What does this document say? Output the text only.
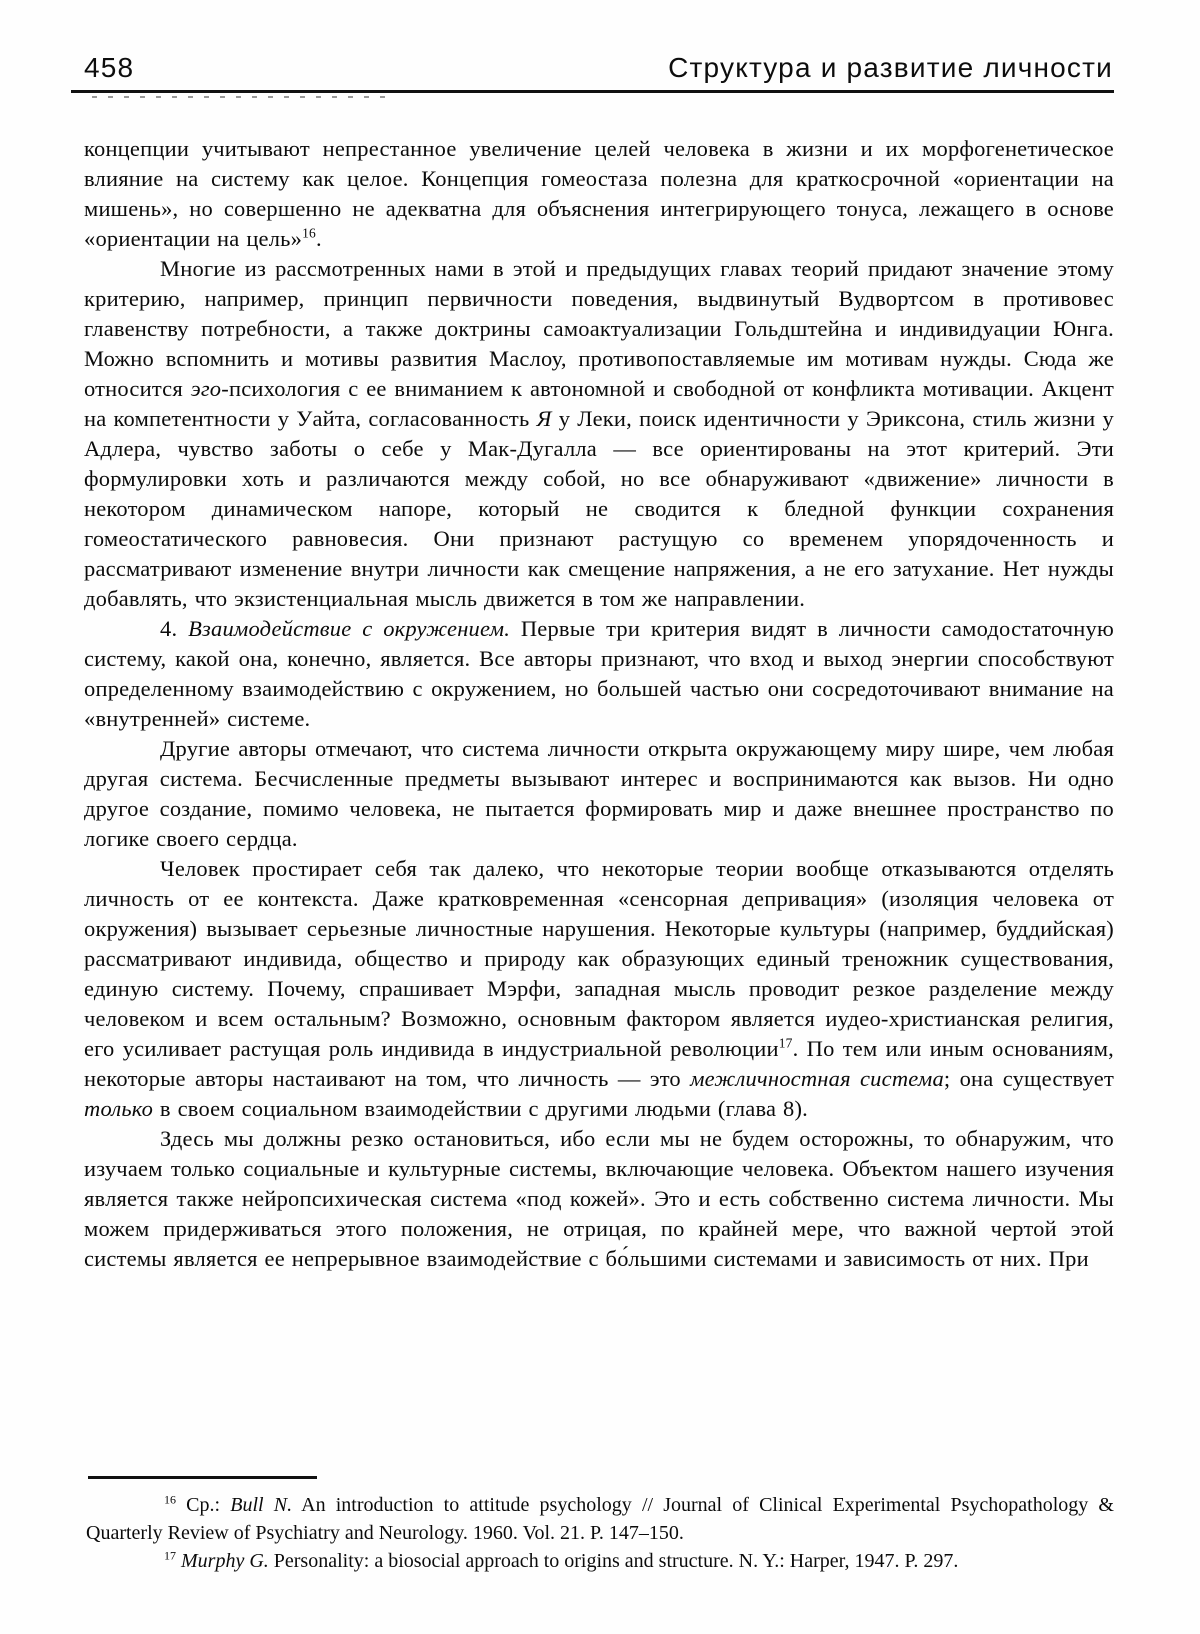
458	Структура и развитие личности

концепции учитывают непрестанное увеличение целей человека в жизни и их морфогенетическое влияние на систему как целое. Концепция гомеостаза полезна для краткосрочной «ориентации на мишень», но совершенно не адекватна для объяснения интегрирующего тонуса, лежащего в основе «ориентации на цель»$^{16}$.

Многие из рассмотренных нами в этой и предыдущих главах теорий придают значение этому критерию, например, принцип первичности поведения, выдвинутый Вудвортсом в противовес главенству потребности, а также доктрины самоактуализации Гольдштейна и индивидуации Юнга. Можно вспомнить и мотивы развития Маслоу, противопоставляемые им мотивам нужды. Сюда же относится эго-психология с ее вниманием к автономной и свободной от конфликта мотивации. Акцент на компетентности у Уайта, согласованность Я у Леки, поиск идентичности у Эриксона, стиль жизни у Адлера, чувство заботы о себе у Мак-Дугалла — все ориентированы на этот критерий. Эти формулировки хоть и различаются между собой, но все обнаруживают «движение» личности в некотором динамическом напоре, который не сводится к бледной функции сохранения гомеостатического равновесия. Они признают растущую со временем упорядоченность и рассматривают изменение внутри личности как смещение напряжения, а не его затухание. Нет нужды добавлять, что экзистенциальная мысль движется в том же направлении.

4. Взаимодействие с окружением. Первые три критерия видят в личности самодостаточную систему, какой она, конечно, является. Все авторы признают, что вход и выход энергии способствуют определенному взаимодействию с окружением, но большей частью они сосредоточивают внимание на «внутренней» системе.

Другие авторы отмечают, что система личности открыта окружающему миру шире, чем любая другая система. Бесчисленные предметы вызывают интерес и воспринимаются как вызов. Ни одно другое создание, помимо человека, не пытается формировать мир и даже внешнее пространство по логике своего сердца.

Человек простирает себя так далеко, что некоторые теории вообще отказываются отделять личность от ее контекста. Даже кратковременная «сенсорная депривация» (изоляция человека от окружения) вызывает серьезные личностные нарушения. Некоторые культуры (например, буддийская) рассматривают индивида, общество и природу как образующих единый треножник существования, единую систему. Почему, спрашивает Мэрфи, западная мысль проводит резкое разделение между человеком и всем остальным? Возможно, основным фактором является иудео-христианская религия, его усиливает растущая роль индивида в индустриальной революции$^{17}$. По тем или иным основаниям, некоторые авторы настаивают на том, что личность — это межличностная система; она существует только в своем социальном взаимодействии с другими людьми (глава 8).

Здесь мы должны резко остановиться, ибо если мы не будем осторожны, то обнаружим, что изучаем только социальные и культурные системы, включающие человека. Объектом нашего изучения является также нейропсихическая система «под кожей». Это и есть собственно система личности. Мы можем придерживаться этого положения, не отрицая, по крайней мере, что важной чертой этой системы является ее непрерывное взаимодействие с бо́льшими системами и зависимость от них. При

$^{16}$ Ср.: Bull N. An introduction to attitude psychology // Journal of Clinical Experimental Psychopathology & Quarterly Review of Psychiatry and Neurology. 1960. Vol. 21. P. 147–150.

$^{17}$ Murphy G. Personality: a biosocial approach to origins and structure. N. Y.: Harper, 1947. P. 297.
